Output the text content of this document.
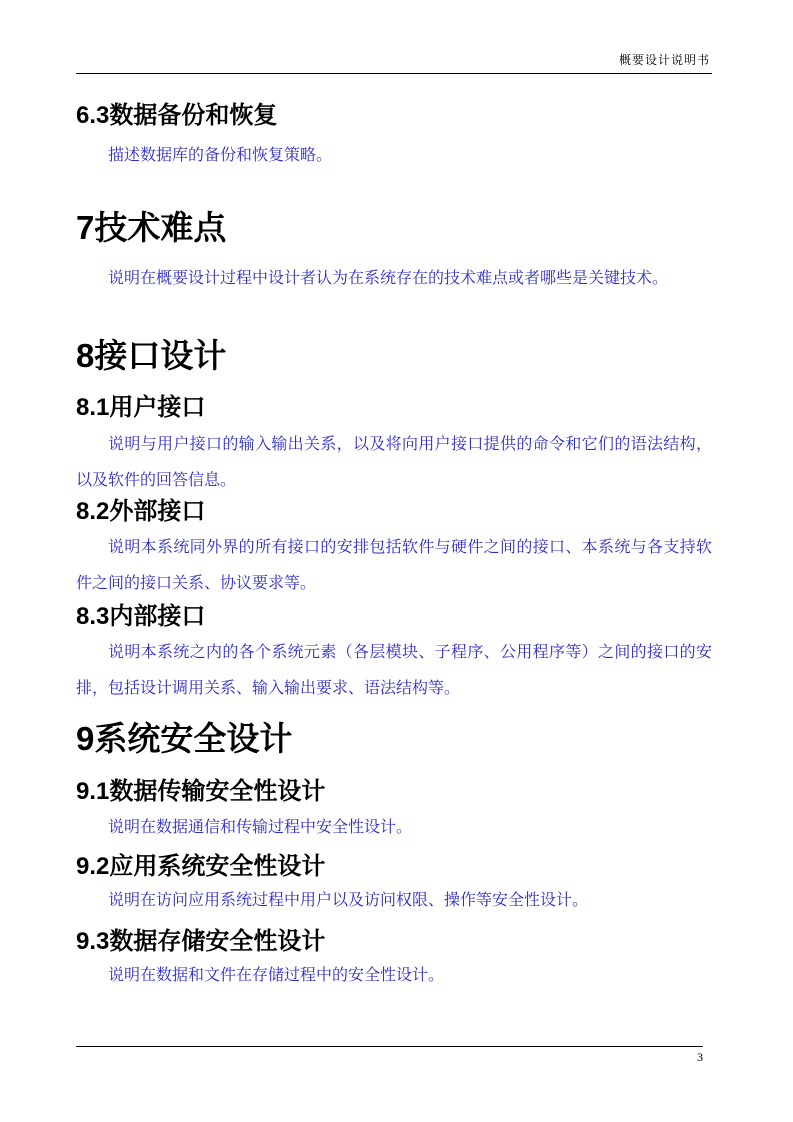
概要设计说明书
6.3数据备份和恢复

描述数据库的备份和恢复策略。

7技术难点

说明在概要设计过程中设计者认为在系统存在的技术难点或者哪些是关键技术。

8接口设计
8.1用户接口

说明与用户接口的输入输出关系，以及将向用户接口提供的命令和它们的语法结构，以及软件的回答信息。

8.2外部接口

说明本系统同外界的所有接口的安排包括软件与硬件之间的接口、本系统与各支持软件之间的接口关系、协议要求等。

8.3内部接口

说明本系统之内的各个系统元素（各层模块、子程序、公用程序等）之间的接口的安排，包括设计调用关系、输入输出要求、语法结构等。

9系统安全设计
9.1数据传输安全性设计

说明在数据通信和传输过程中安全性设计。

9.2应用系统安全性设计

说明在访问应用系统过程中用户以及访问权限、操作等安全性设计。

9.3数据存储安全性设计

说明在数据和文件在存储过程中的安全性设计。

3
